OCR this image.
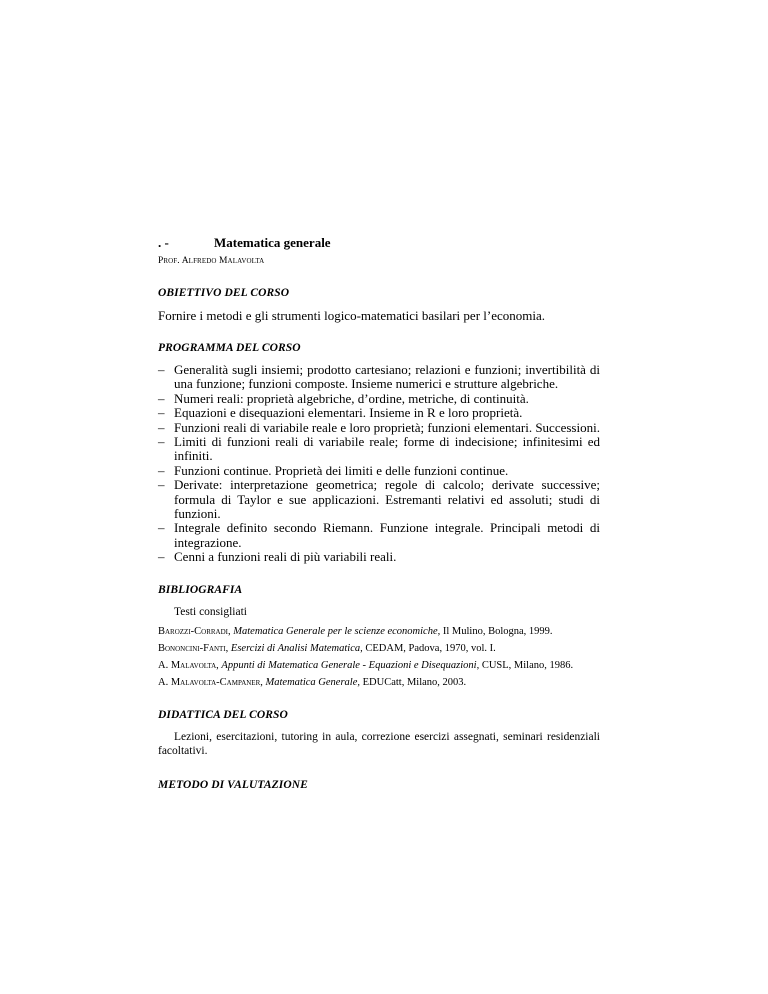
. -	Matematica generale
Prof. Alfredo Malavolta
OBIETTIVO DEL CORSO
Fornire i metodi e gli strumenti logico-matematici basilari per l’economia.
PROGRAMMA DEL CORSO
– Generalità sugli insiemi; prodotto cartesiano; relazioni e funzioni; invertibilità di una funzione; funzioni composte. Insieme numerici e strutture algebriche.
– Numeri reali: proprietà algebriche, d’ordine, metriche, di continuità.
– Equazioni e disequazioni elementari. Insieme in R e loro proprietà.
– Funzioni reali di variabile reale e loro proprietà; funzioni elementari. Successioni.
– Limiti di funzioni reali di variabile reale; forme di indecisione; infinitesimi ed infiniti.
– Funzioni continue. Proprietà dei limiti e delle funzioni continue.
– Derivate: interpretazione geometrica; regole di calcolo; derivate successive; formula di Taylor e sue applicazioni. Estremanti relativi ed assoluti; studi di funzioni.
– Integrale definito secondo Riemann. Funzione integrale. Principali metodi di integrazione.
– Cenni a funzioni reali di più variabili reali.
BIBLIOGRAFIA
Testi consigliati
Barozzi-Corradi, Matematica Generale per le scienze economiche, Il Mulino, Bologna, 1999.
Bononcini-Fanti, Esercizi di Analisi Matematica, CEDAM, Padova, 1970, vol. I.
A. Malavolta, Appunti di Matematica Generale - Equazioni e Disequazioni, CUSL, Milano, 1986.
A. Malavolta-Campaner, Matematica Generale, EDUCatt, Milano, 2003.
DIDATTICA DEL CORSO
Lezioni, esercitazioni, tutoring in aula, correzione esercizi assegnati, seminari residenziali facoltativi.
METODO DI VALUTAZIONE
